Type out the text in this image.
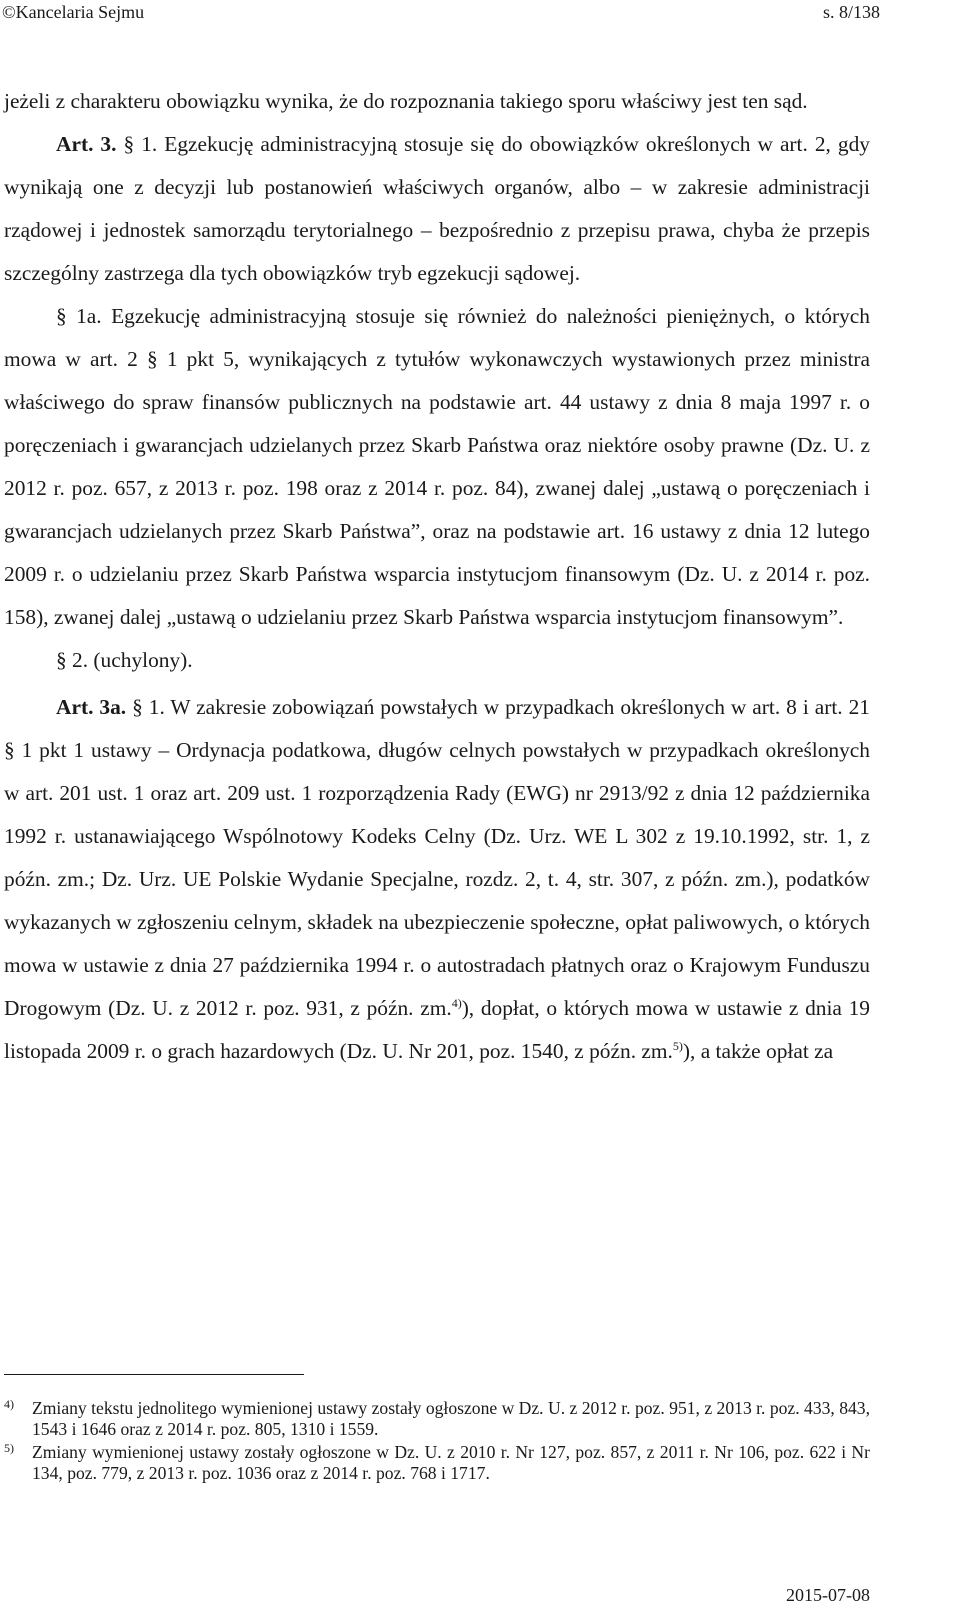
©Kancelaria Sejmu	s. 8/138

jeżeli z charakteru obowiązku wynika, że do rozpoznania takiego sporu właściwy jest ten sąd.

Art. 3. § 1. Egzekucję administracyjną stosuje się do obowiązków określonych w art. 2, gdy wynikają one z decyzji lub postanowień właściwych organów, albo – w zakresie administracji rządowej i jednostek samorządu terytorialnego – bezpośrednio z przepisu prawa, chyba że przepis szczególny zastrzega dla tych obowiązków tryb egzekucji sądowej.

§ 1a. Egzekucję administracyjną stosuje się również do należności pieniężnych, o których mowa w art. 2 § 1 pkt 5, wynikających z tytułów wykonawczych wystawionych przez ministra właściwego do spraw finansów publicznych na podstawie art. 44 ustawy z dnia 8 maja 1997 r. o poręczeniach i gwarancjach udzielanych przez Skarb Państwa oraz niektóre osoby prawne (Dz. U. z 2012 r. poz. 657, z 2013 r. poz. 198 oraz z 2014 r. poz. 84), zwanej dalej „ustawą o poręczeniach i gwarancjach udzielanych przez Skarb Państwa”, oraz na podstawie art. 16 ustawy z dnia 12 lutego 2009 r. o udzielaniu przez Skarb Państwa wsparcia instytucjom finansowym (Dz. U. z 2014 r. poz. 158), zwanej dalej „ustawą o udzielaniu przez Skarb Państwa wsparcia instytucjom finansowym”.

§ 2. (uchylony).

Art. 3a. § 1. W zakresie zobowiązań powstałych w przypadkach określonych w art. 8 i art. 21 § 1 pkt 1 ustawy – Ordynacja podatkowa, długów celnych powstałych w przypadkach określonych w art. 201 ust. 1 oraz art. 209 ust. 1 rozporządzenia Rady (EWG) nr 2913/92 z dnia 12 października 1992 r. ustanawiającego Wspólnotowy Kodeks Celny (Dz. Urz. WE L 302 z 19.10.1992, str. 1, z późn. zm.; Dz. Urz. UE Polskie Wydanie Specjalne, rozdz. 2, t. 4, str. 307, z późn. zm.), podatków wykazanych w zgłoszeniu celnym, składek na ubezpieczenie społeczne, opłat paliwowych, o których mowa w ustawie z dnia 27 października 1994 r. o autostradach płatnych oraz o Krajowym Funduszu Drogowym (Dz. U. z 2012 r. poz. 931, z późn. zm.$^{4)}$), dopłat, o których mowa w ustawie z dnia 19 listopada 2009 r. o grach hazardowych (Dz. U. Nr 201, poz. 1540, z późn. zm.$^{5)}$), a także opłat za

4) Zmiany tekstu jednolitego wymienionej ustawy zostały ogłoszone w Dz. U. z 2012 r. poz. 951, z 2013 r. poz. 433, 843, 1543 i 1646 oraz z 2014 r. poz. 805, 1310 i 1559.
5) Zmiany wymienionej ustawy zostały ogłoszone w Dz. U. z 2010 r. Nr 127, poz. 857, z 2011 r. Nr 106, poz. 622 i Nr 134, poz. 779, z 2013 r. poz. 1036 oraz z 2014 r. poz. 768 i 1717.
2015-07-08
